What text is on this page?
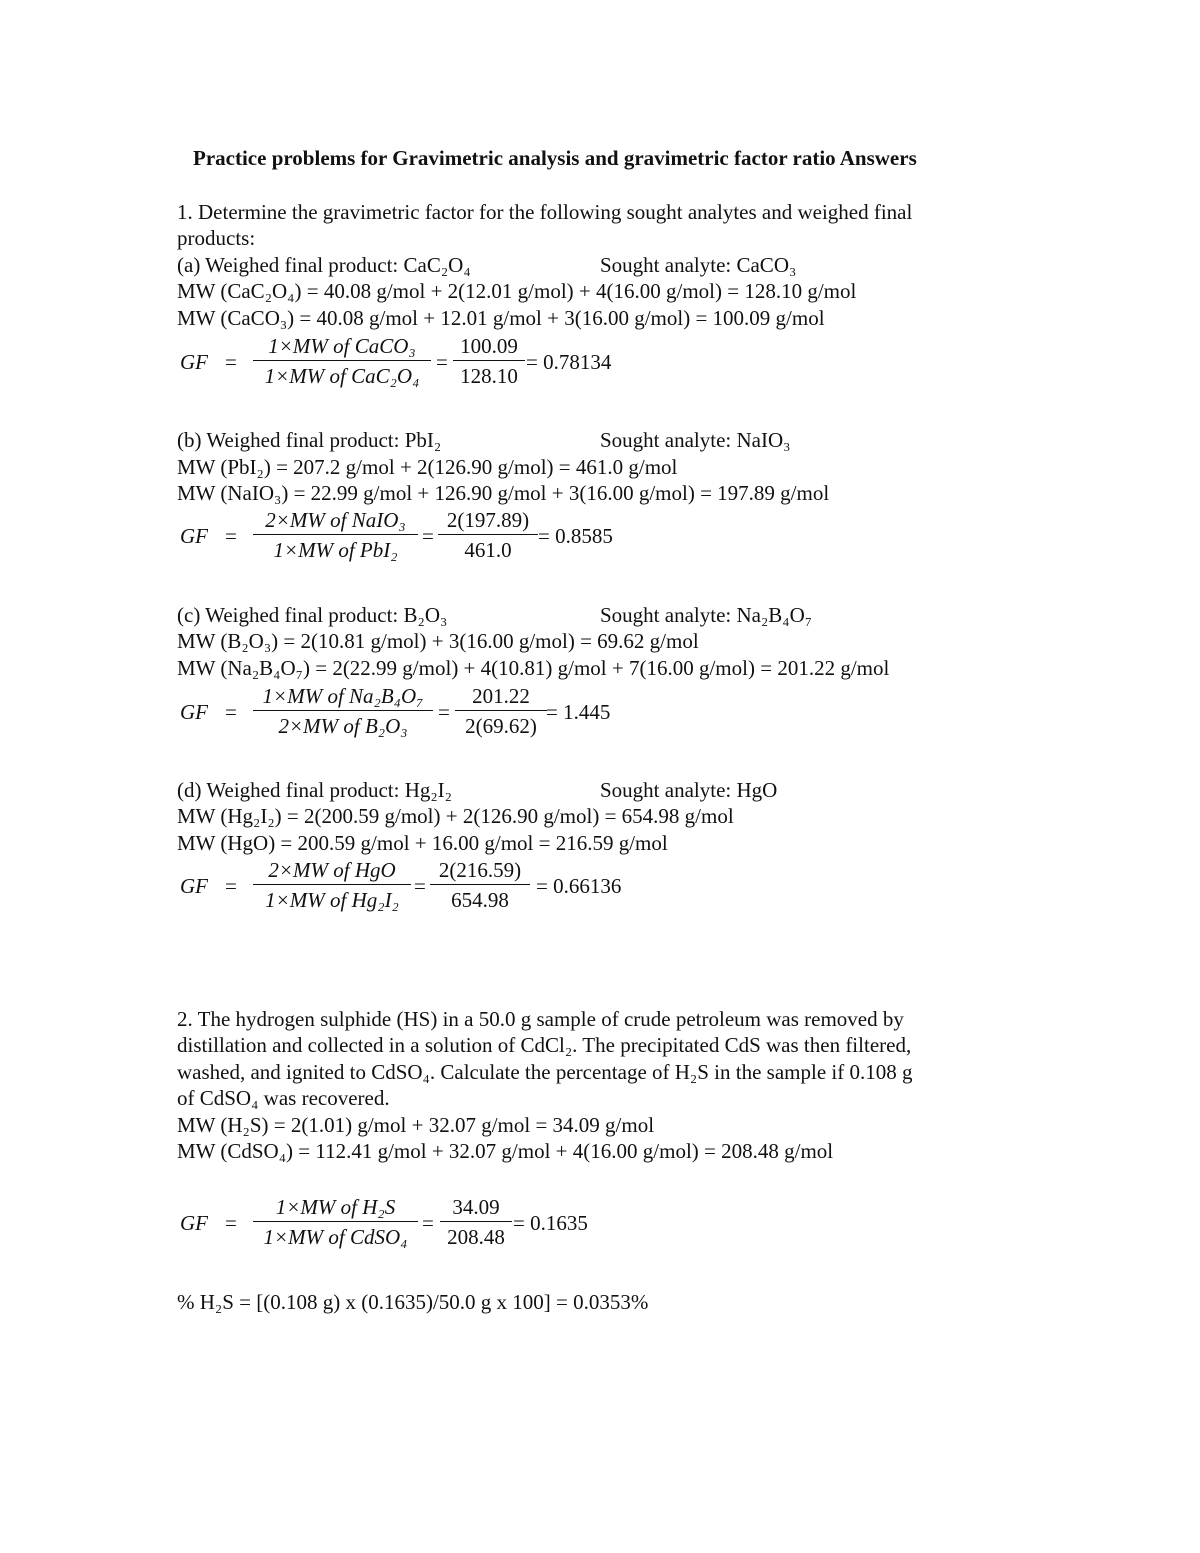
Practice problems for Gravimetric analysis and gravimetric factor ratio Answers
1. Determine the gravimetric factor for the following sought analytes and weighed final
products:
(a) Weighed final product: CaC₂O₄	Sought analyte: CaCO₃
MW (CaC₂O₄) = 40.08 g/mol + 2(12.01 g/mol) + 4(16.00 g/mol) = 128.10 g/mol
MW (CaCO₃) = 40.08 g/mol + 12.01 g/mol + 3(16.00 g/mol) = 100.09 g/mol
GF =
1×MW of CaCO₃
1×MW of CaC₂O₄
=
100.09
128.10
= 0.78134
(b) Weighed final product: PbI₂	Sought analyte: NaIO₃
MW (PbI₂) = 207.2 g/mol + 2(126.90 g/mol) = 461.0 g/mol
MW (NaIO₃) = 22.99 g/mol + 126.90 g/mol + 3(16.00 g/mol) = 197.89 g/mol
GF =
2×MW of NaIO₃
1×MW of PbI₂
=
2(197.89)
461.0
= 0.8585
(c) Weighed final product: B₂O₃	Sought analyte: Na₂B₄O₇
MW (B₂O₃) = 2(10.81 g/mol) + 3(16.00 g/mol) = 69.62 g/mol
MW (Na₂B₄O₇) = 2(22.99 g/mol) + 4(10.81) g/mol + 7(16.00 g/mol) = 201.22 g/mol
GF =
1×MW of Na₂B₄O₇
2×MW of B₂O₃
=
201.22
2(69.62)
= 1.445
(d) Weighed final product: Hg₂I₂	Sought analyte: HgO
MW (Hg₂I₂) = 2(200.59 g/mol) + 2(126.90 g/mol) = 654.98 g/mol
MW (HgO) = 200.59 g/mol + 16.00 g/mol = 216.59 g/mol
GF =
2×MW of HgO
1×MW of Hg₂I₂
=
2(216.59)
654.98
= 0.66136
2. The hydrogen sulphide (HS) in a 50.0 g sample of crude petroleum was removed by
distillation and collected in a solution of CdCl₂. The precipitated CdS was then filtered,
washed, and ignited to CdSO₄. Calculate the percentage of H₂S in the sample if 0.108 g
of CdSO₄ was recovered.
MW (H₂S) = 2(1.01) g/mol + 32.07 g/mol = 34.09 g/mol
MW (CdSO₄) = 112.41 g/mol + 32.07 g/mol + 4(16.00 g/mol) = 208.48 g/mol
GF =
1×MW of H₂S
1×MW of CdSO₄
=
34.09
208.48
= 0.1635
% H₂S = [(0.108 g) x (0.1635)/50.0 g x 100] = 0.0353%
